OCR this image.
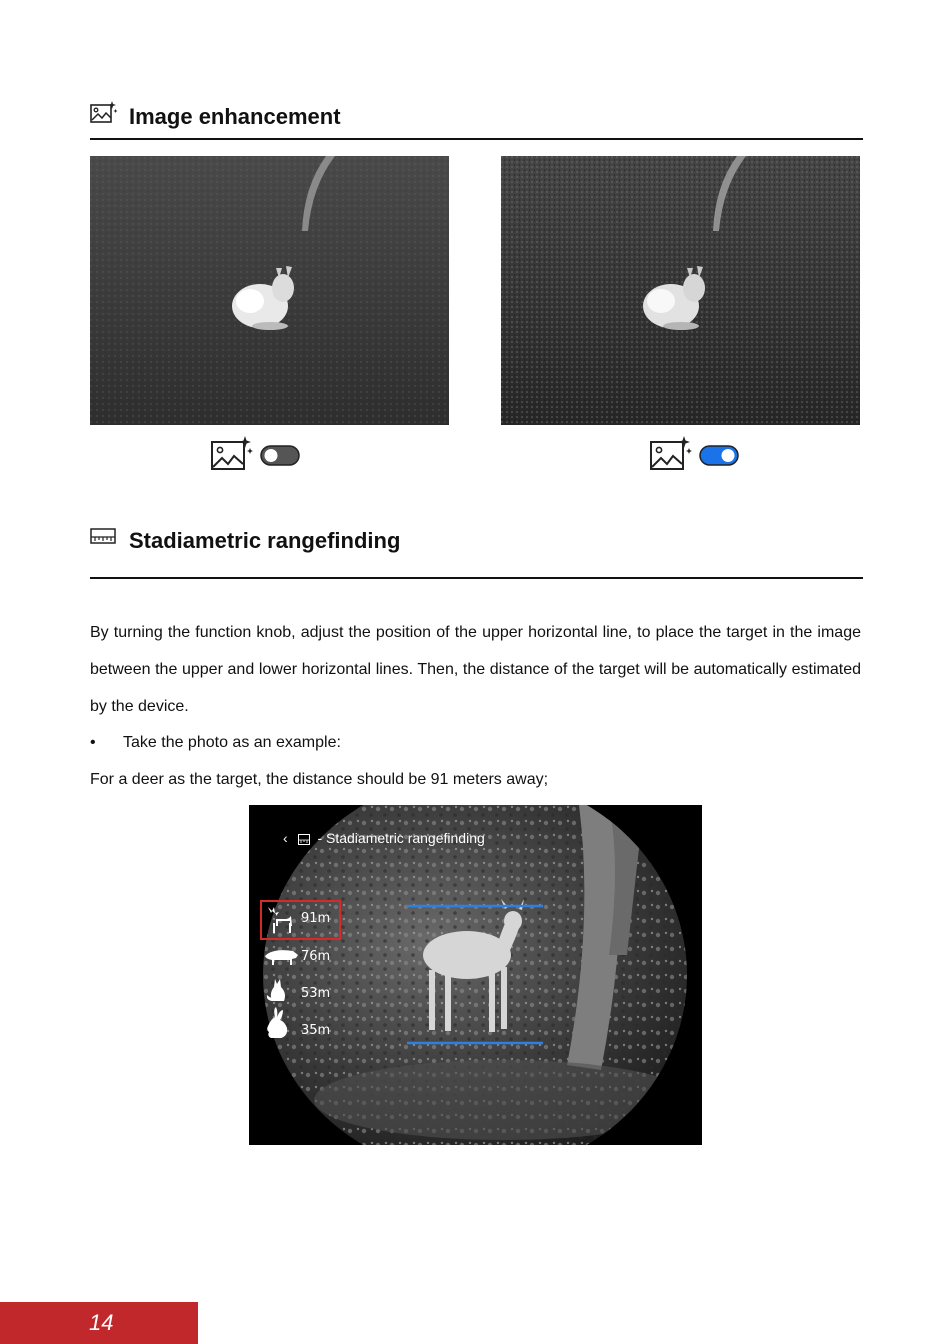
Image enhancement
Stadiametric rangefinding

By turning the function knob, adjust the position of the upper horizontal line, to place the target in the image between the upper and lower horizontal lines. Then, the distance of the target will be automatically estimated by the device.

• Take the photo as an example:
For a deer as the target, the distance should be 91 meters away;
‹ - Stadiametric rangefinding
91m
76m
53m
35m
14
